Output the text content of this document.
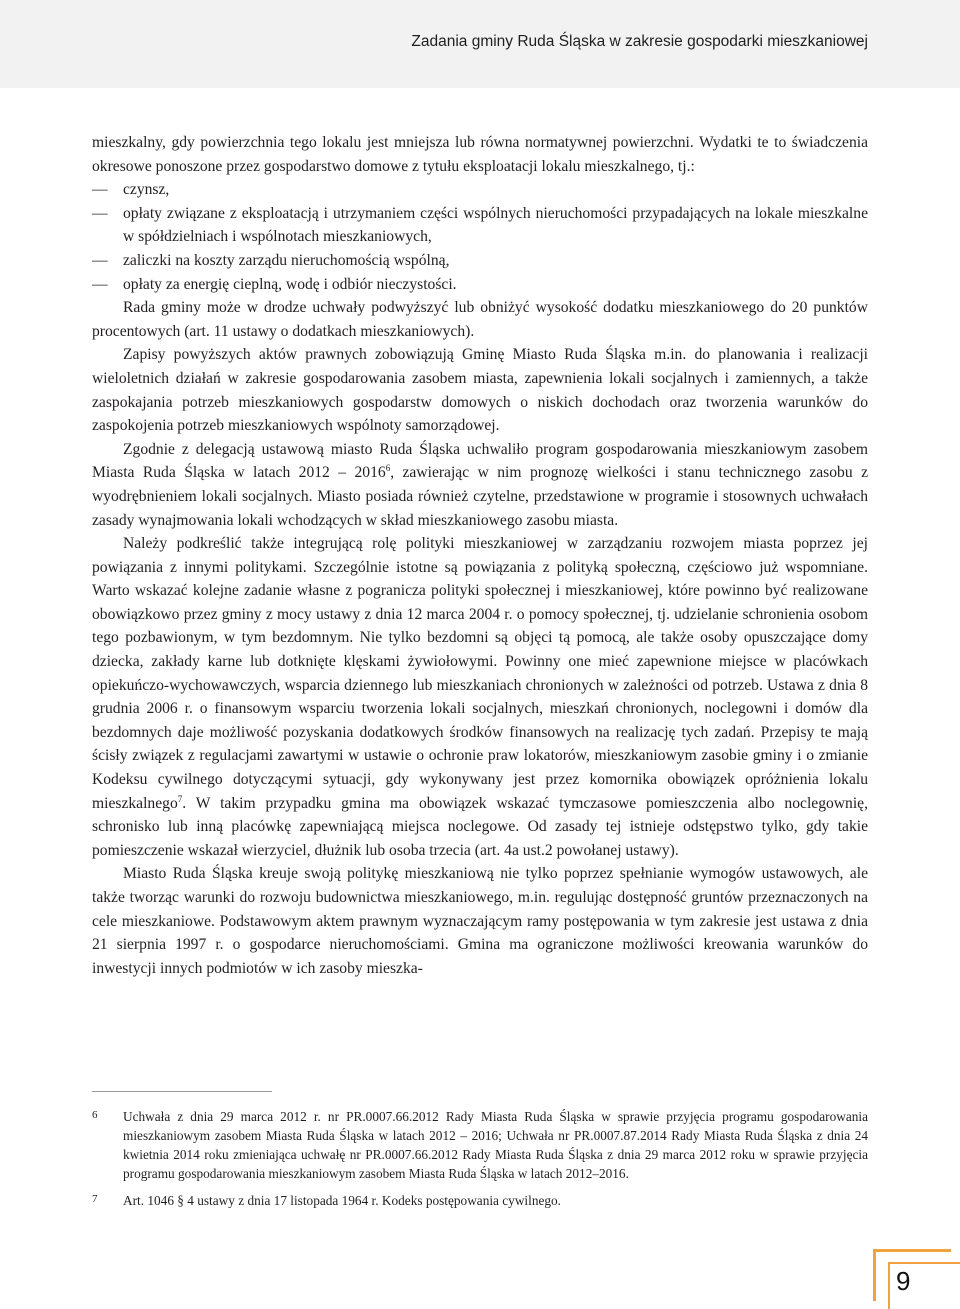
Zadania gminy Ruda Śląska w zakresie gospodarki mieszkaniowej

mieszkalny, gdy powierzchnia tego lokalu jest mniejsza lub równa normatywnej powierzchni. Wydatki te to świadczenia okresowe ponoszone przez gospodarstwo domowe z tytułu eksploatacji lokalu mieszkalnego, tj.:

— czynsz,
— opłaty związane z eksploatacją i utrzymaniem części wspólnych nieruchomości przypadających na lokale mieszkalne w spółdzielniach i wspólnotach mieszkaniowych,
— zaliczki na koszty zarządu nieruchomością wspólną,
— opłaty za energię cieplną, wodę i odbiór nieczystości.

Rada gminy może w drodze uchwały podwyższyć lub obniżyć wysokość dodatku mieszkaniowego do 20 punktów procentowych (art. 11 ustawy o dodatkach mieszkaniowych).

Zapisy powyższych aktów prawnych zobowiązują Gminę Miasto Ruda Śląska m.in. do planowania i realizacji wieloletnich działań w zakresie gospodarowania zasobem miasta, zapewnienia lokali socjalnych i zamiennych, a także zaspokajania potrzeb mieszkaniowych gospodarstw domowych o niskich dochodach oraz tworzenia warunków do zaspokojenia potrzeb mieszkaniowych wspólnoty samorządowej.

Zgodnie z delegacją ustawową miasto Ruda Śląska uchwaliło program gospodarowania mieszkaniowym zasobem Miasta Ruda Śląska w latach 2012 – 2016$^6$, zawierając w nim prognozę wielkości i stanu technicznego zasobu z wyodrębnieniem lokali socjalnych. Miasto posiada również czytelne, przedstawione w programie i stosownych uchwałach zasady wynajmowania lokali wchodzących w skład mieszkaniowego zasobu miasta.

Należy podkreślić także integrującą rolę polityki mieszkaniowej w zarządzaniu rozwojem miasta poprzez jej powiązania z innymi politykami. Szczególnie istotne są powiązania z polityką społeczną, częściowo już wspomniane. Warto wskazać kolejne zadanie własne z pogranicza polityki społecznej i mieszkaniowej, które powinno być realizowane obowiązkowo przez gminy z mocy ustawy z dnia 12 marca 2004 r. o pomocy społecznej, tj. udzielanie schronienia osobom tego pozbawionym, w tym bezdomnym. Nie tylko bezdomni są objęci tą pomocą, ale także osoby opuszczające domy dziecka, zakłady karne lub dotknięte klęskami żywiołowymi. Powinny one mieć zapewnione miejsce w placówkach opiekuńczo-wychowawczych, wsparcia dziennego lub mieszkaniach chronionych w zależności od potrzeb. Ustawa z dnia 8 grudnia 2006 r. o finansowym wsparciu tworzenia lokali socjalnych, mieszkań chronionych, noclegowni i domów dla bezdomnych daje możliwość pozyskania dodatkowych środków finansowych na realizację tych zadań. Przepisy te mają ścisły związek z regulacjami zawartymi w ustawie o ochronie praw lokatorów, mieszkaniowym zasobie gminy i o zmianie Kodeksu cywilnego dotyczącymi sytuacji, gdy wykonywany jest przez komornika obowiązek opróżnienia lokalu mieszkalnego$^7$. W takim przypadku gmina ma obowiązek wskazać tymczasowe pomieszczenia albo noclegownię, schronisko lub inną placówkę zapewniającą miejsca noclegowe. Od zasady tej istnieje odstępstwo tylko, gdy takie pomieszczenie wskazał wierzyciel, dłużnik lub osoba trzecia (art. 4a ust.2 powołanej ustawy).

Miasto Ruda Śląska kreuje swoją politykę mieszkaniową nie tylko poprzez spełnianie wymogów ustawowych, ale także tworząc warunki do rozwoju budownictwa mieszkaniowego, m.in. regulując dostępność gruntów przeznaczonych na cele mieszkaniowe. Podstawowym aktem prawnym wyznaczającym ramy postępowania w tym zakresie jest ustawa z dnia 21 sierpnia 1997 r. o gospodarce nieruchomościami. Gmina ma ograniczone możliwości kreowania warunków do inwestycji innych podmiotów w ich zasoby mieszka-

6 Uchwała z dnia 29 marca 2012 r. nr PR.0007.66.2012 Rady Miasta Ruda Śląska w sprawie przyjęcia programu gospodarowania mieszkaniowym zasobem Miasta Ruda Śląska w latach 2012 – 2016; Uchwała nr PR.0007.87.2014 Rady Miasta Ruda Śląska z dnia 24 kwietnia 2014 roku zmieniająca uchwałę nr PR.0007.66.2012 Rady Miasta Ruda Śląska z dnia 29 marca 2012 roku w sprawie przyjęcia programu gospodarowania mieszkaniowym zasobem Miasta Ruda Śląska w latach 2012–2016.
7 Art. 1046 § 4 ustawy z dnia 17 listopada 1964 r. Kodeks postępowania cywilnego.
9
